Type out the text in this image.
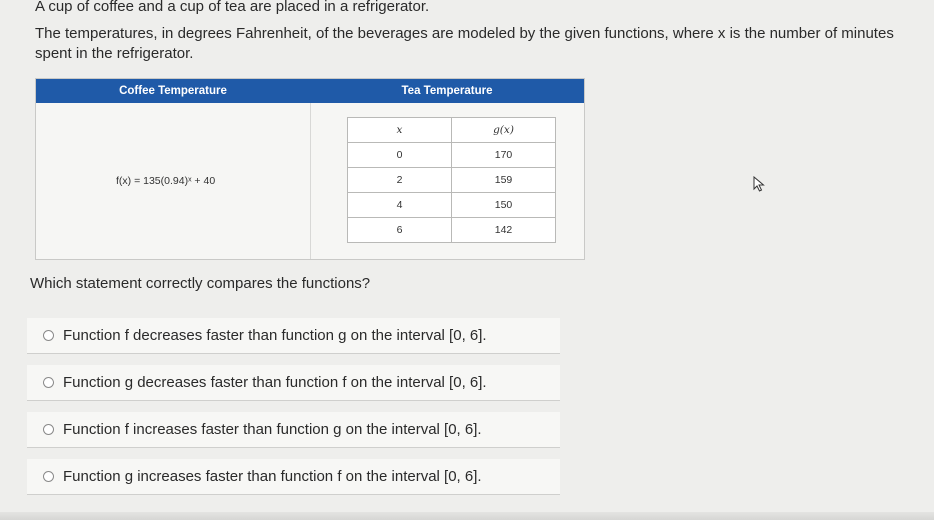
A cup of coffee and a cup of tea are placed in a refrigerator.

The temperatures, in degrees Fahrenheit, of the beverages are modeled by the given functions, where x is the number of minutes spent in the refrigerator.

Coffee Temperature	Tea Temperature
f(x) = 135(0.94)ˣ + 40
x	g(x)
0	170
2	159
4	150
6	142
Which statement correctly compares the functions?
Function f decreases faster than function g on the interval [0, 6].
Function g decreases faster than function f on the interval [0, 6].
Function f increases faster than function g on the interval [0, 6].
Function g increases faster than function f on the interval [0, 6].
